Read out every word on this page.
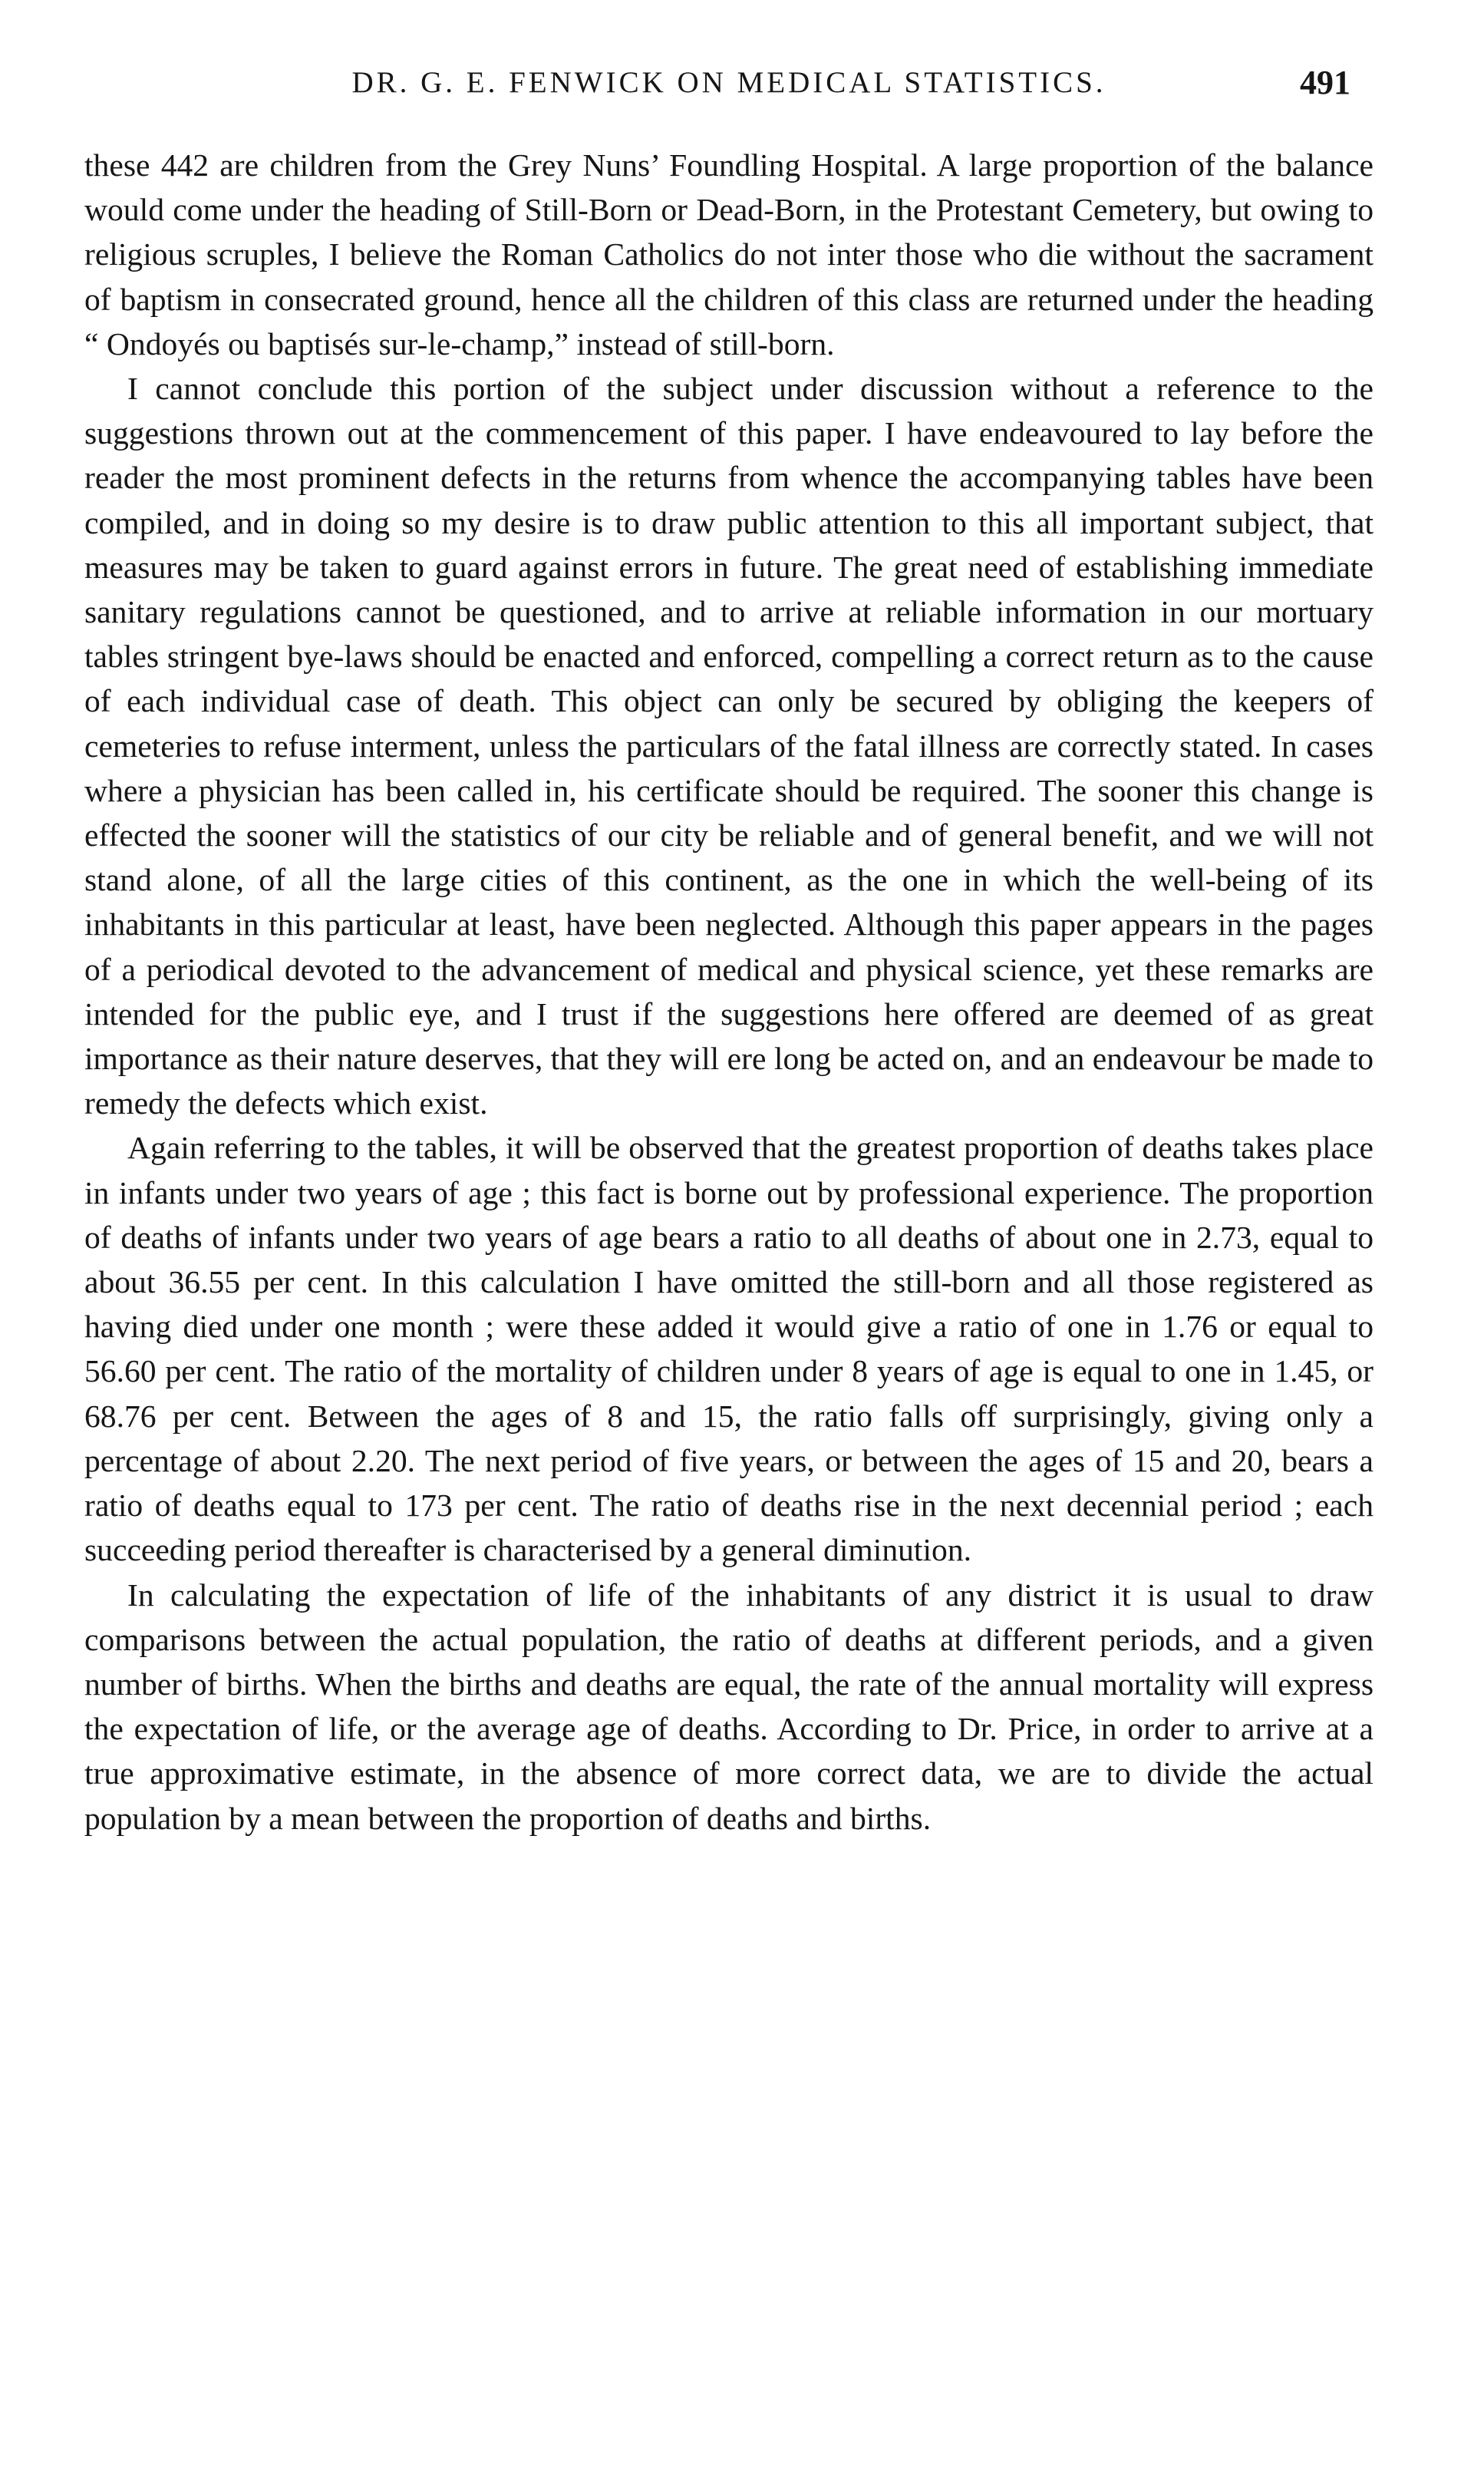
DR. G. E. FENWICK ON MEDICAL STATISTICS.	491

these 442 are children from the Grey Nuns’ Foundling Hospital. A large proportion of the balance would come under the heading of Still-Born or Dead-Born, in the Protestant Cemetery, but owing to religious scruples, I believe the Roman Catholics do not inter those who die without the sacrament of baptism in consecrated ground, hence all the children of this class are returned under the heading “ Ondoyés ou baptisés sur-le-champ,” instead of still-born.

I cannot conclude this portion of the subject under discussion without a reference to the suggestions thrown out at the commencement of this paper. I have endeavoured to lay before the reader the most prominent defects in the returns from whence the accompanying tables have been compiled, and in doing so my desire is to draw public attention to this all important subject, that measures may be taken to guard against errors in future. The great need of establishing immediate sanitary regulations cannot be questioned, and to arrive at reliable information in our mortuary tables stringent bye-laws should be enacted and enforced, compelling a correct return as to the cause of each individual case of death. This object can only be secured by obliging the keepers of cemeteries to refuse interment, unless the particulars of the fatal illness are correctly stated. In cases where a physician has been called in, his certificate should be required. The sooner this change is effected the sooner will the statistics of our city be reliable and of general benefit, and we will not stand alone, of all the large cities of this continent, as the one in which the well-being of its inhabitants in this particular at least, have been neglected. Although this paper appears in the pages of a periodical devoted to the advancement of medical and physical science, yet these remarks are intended for the public eye, and I trust if the suggestions here offered are deemed of as great importance as their nature deserves, that they will ere long be acted on, and an endeavour be made to remedy the defects which exist.

Again referring to the tables, it will be observed that the greatest proportion of deaths takes place in infants under two years of age ; this fact is borne out by professional experience. The proportion of deaths of infants under two years of age bears a ratio to all deaths of about one in 2.73, equal to about 36.55 per cent. In this calculation I have omitted the still-born and all those registered as having died under one month ; were these added it would give a ratio of one in 1.76 or equal to 56.60 per cent. The ratio of the mortality of children under 8 years of age is equal to one in 1.45, or 68.76 per cent. Between the ages of 8 and 15, the ratio falls off surprisingly, giving only a percentage of about 2.20. The next period of five years, or between the ages of 15 and 20, bears a ratio of deaths equal to 173 per cent. The ratio of deaths rise in the next decennial period ; each succeeding period thereafter is characterised by a general diminution.

In calculating the expectation of life of the inhabitants of any district it is usual to draw comparisons between the actual population, the ratio of deaths at different periods, and a given number of births. When the births and deaths are equal, the rate of the annual mortality will express the expectation of life, or the average age of deaths. According to Dr. Price, in order to arrive at a true approximative estimate, in the absence of more correct data, we are to divide the actual population by a mean between the proportion of deaths and births.
